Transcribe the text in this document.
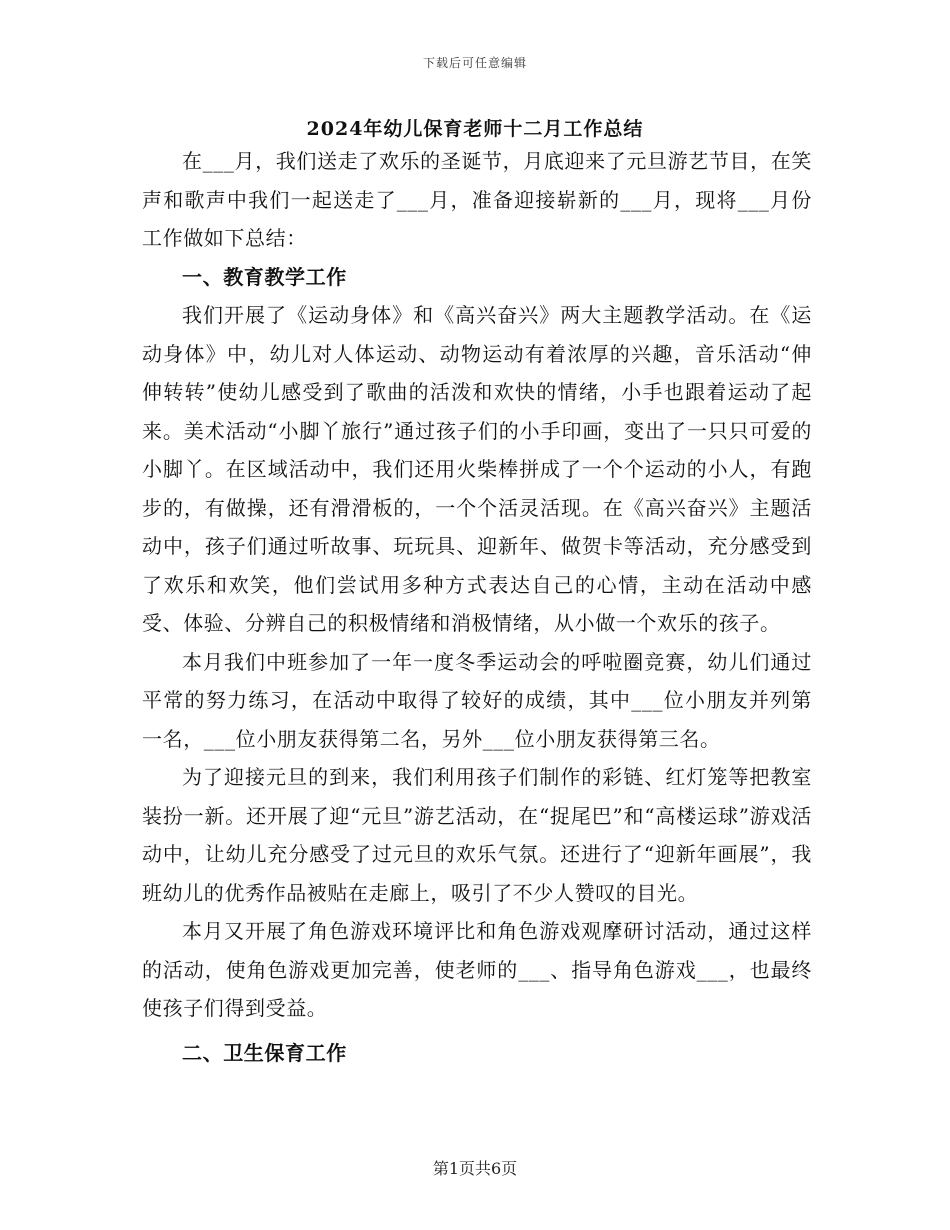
下载后可任意编辑
2024年幼儿保育老师十二月工作总结

在___月，我们送走了欢乐的圣诞节，月底迎来了元旦游艺节目，在笑声和歌声中我们一起送走了___月，准备迎接崭新的___月，现将___月份工作做如下总结：

一、教育教学工作

我们开展了《运动身体》和《高兴奋兴》两大主题教学活动。在《运动身体》中，幼儿对人体运动、动物运动有着浓厚的兴趣，音乐活动“伸伸转转”使幼儿感受到了歌曲的活泼和欢快的情绪，小手也跟着运动了起来。美术活动“小脚丫旅行”通过孩子们的小手印画，变出了一只只可爱的小脚丫。在区域活动中，我们还用火柴棒拼成了一个个运动的小人，有跑步的，有做操，还有滑滑板的，一个个活灵活现。在《高兴奋兴》主题活动中，孩子们通过听故事、玩玩具、迎新年、做贺卡等活动，充分感受到了欢乐和欢笑，他们尝试用多种方式表达自己的心情，主动在活动中感受、体验、分辨自己的积极情绪和消极情绪，从小做一个欢乐的孩子。

本月我们中班参加了一年一度冬季运动会的呼啦圈竞赛，幼儿们通过平常的努力练习，在活动中取得了较好的成绩，其中___位小朋友并列第一名，___位小朋友获得第二名，另外___位小朋友获得第三名。

为了迎接元旦的到来，我们利用孩子们制作的彩链、红灯笼等把教室装扮一新。还开展了迎“元旦”游艺活动，在“捉尾巴”和“高楼运球”游戏活动中，让幼儿充分感受了过元旦的欢乐气氛。还进行了“迎新年画展”，我班幼儿的优秀作品被贴在走廊上，吸引了不少人赞叹的目光。

本月又开展了角色游戏环境评比和角色游戏观摩研讨活动，通过这样的活动，使角色游戏更加完善，使老师的___、指导角色游戏___，也最终使孩子们得到受益。

二、卫生保育工作

第1页共6页
